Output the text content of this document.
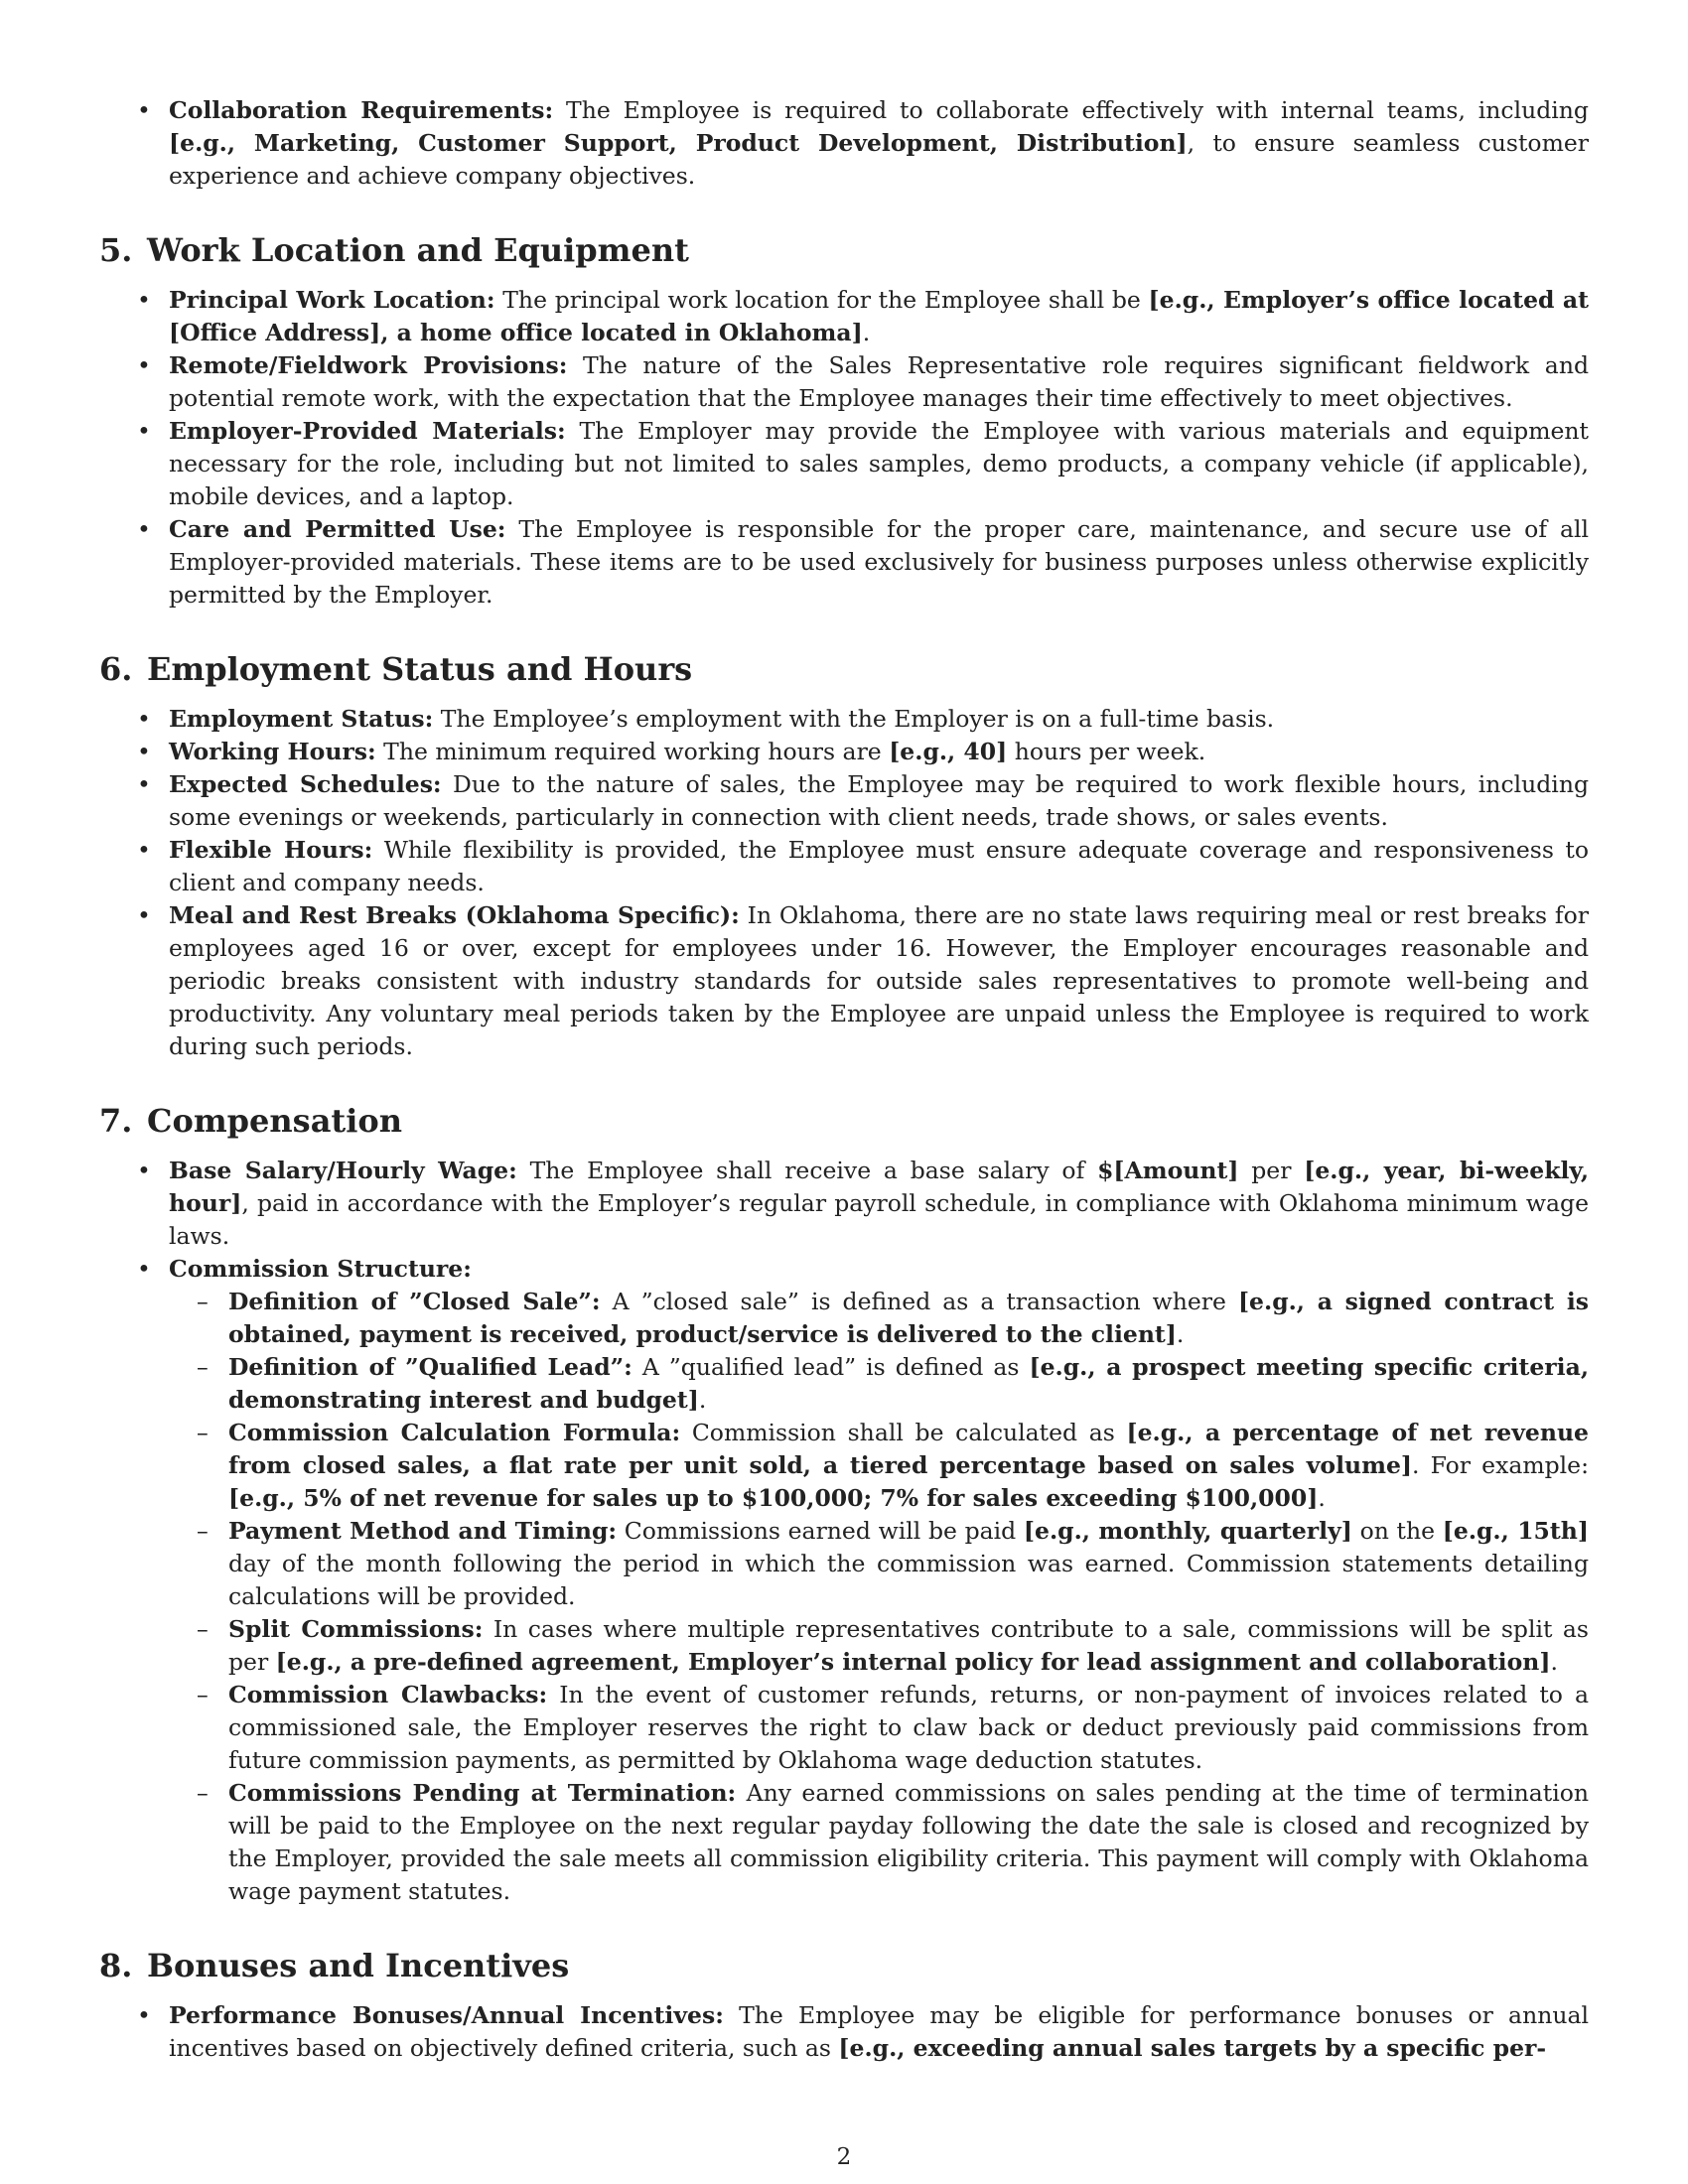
• Collaboration Requirements: The Employee is required to collaborate effectively with internal teams, including [e.g., Marketing, Customer Support, Product Development, Distribution], to ensure seamless customer experience and achieve company objectives.
5. Work Location and Equipment
• Principal Work Location: The principal work location for the Employee shall be [e.g., Employer’s office located at [Office Address], a home office located in Oklahoma].
• Remote/Fieldwork Provisions: The nature of the Sales Representative role requires significant fieldwork and potential remote work, with the expectation that the Employee manages their time effectively to meet objectives.
• Employer-Provided Materials: The Employer may provide the Employee with various materials and equipment necessary for the role, including but not limited to sales samples, demo products, a company vehicle (if applicable), mobile devices, and a laptop.
• Care and Permitted Use: The Employee is responsible for the proper care, maintenance, and secure use of all Employer-provided materials. These items are to be used exclusively for business purposes unless otherwise explicitly permitted by the Employer.
6. Employment Status and Hours
• Employment Status: The Employee’s employment with the Employer is on a full-time basis.
• Working Hours: The minimum required working hours are [e.g., 40] hours per week.
• Expected Schedules: Due to the nature of sales, the Employee may be required to work flexible hours, including some evenings or weekends, particularly in connection with client needs, trade shows, or sales events.
• Flexible Hours: While flexibility is provided, the Employee must ensure adequate coverage and responsiveness to client and company needs.
• Meal and Rest Breaks (Oklahoma Specific): In Oklahoma, there are no state laws requiring meal or rest breaks for employees aged 16 or over, except for employees under 16. However, the Employer encourages reasonable and periodic breaks consistent with industry standards for outside sales representatives to promote well-being and productivity. Any voluntary meal periods taken by the Employee are unpaid unless the Employee is required to work during such periods.
7. Compensation
• Base Salary/Hourly Wage: The Employee shall receive a base salary of $[Amount] per [e.g., year, bi-weekly, hour], paid in accordance with the Employer’s regular payroll schedule, in compliance with Oklahoma minimum wage laws.
• Commission Structure:
– Definition of ”Closed Sale”: A ”closed sale” is defined as a transaction where [e.g., a signed contract is obtained, payment is received, product/service is delivered to the client].
– Definition of ”Qualified Lead”: A ”qualified lead” is defined as [e.g., a prospect meeting specific criteria, demonstrating interest and budget].
– Commission Calculation Formula: Commission shall be calculated as [e.g., a percentage of net revenue from closed sales, a flat rate per unit sold, a tiered percentage based on sales volume]. For example: [e.g., 5% of net revenue for sales up to $100,000; 7% for sales exceeding $100,000].
– Payment Method and Timing: Commissions earned will be paid [e.g., monthly, quarterly] on the [e.g., 15th] day of the month following the period in which the commission was earned. Commission statements detailing calculations will be provided.
– Split Commissions: In cases where multiple representatives contribute to a sale, commissions will be split as per [e.g., a pre-defined agreement, Employer’s internal policy for lead assignment and collaboration].
– Commission Clawbacks: In the event of customer refunds, returns, or non-payment of invoices related to a commissioned sale, the Employer reserves the right to claw back or deduct previously paid commissions from future commission payments, as permitted by Oklahoma wage deduction statutes.
– Commissions Pending at Termination: Any earned commissions on sales pending at the time of termination will be paid to the Employee on the next regular payday following the date the sale is closed and recognized by the Employer, provided the sale meets all commission eligibility criteria. This payment will comply with Oklahoma wage payment statutes.
8. Bonuses and Incentives
• Performance Bonuses/Annual Incentives: The Employee may be eligible for performance bonuses or annual incentives based on objectively defined criteria, such as [e.g., exceeding annual sales targets by a specific per-
2
